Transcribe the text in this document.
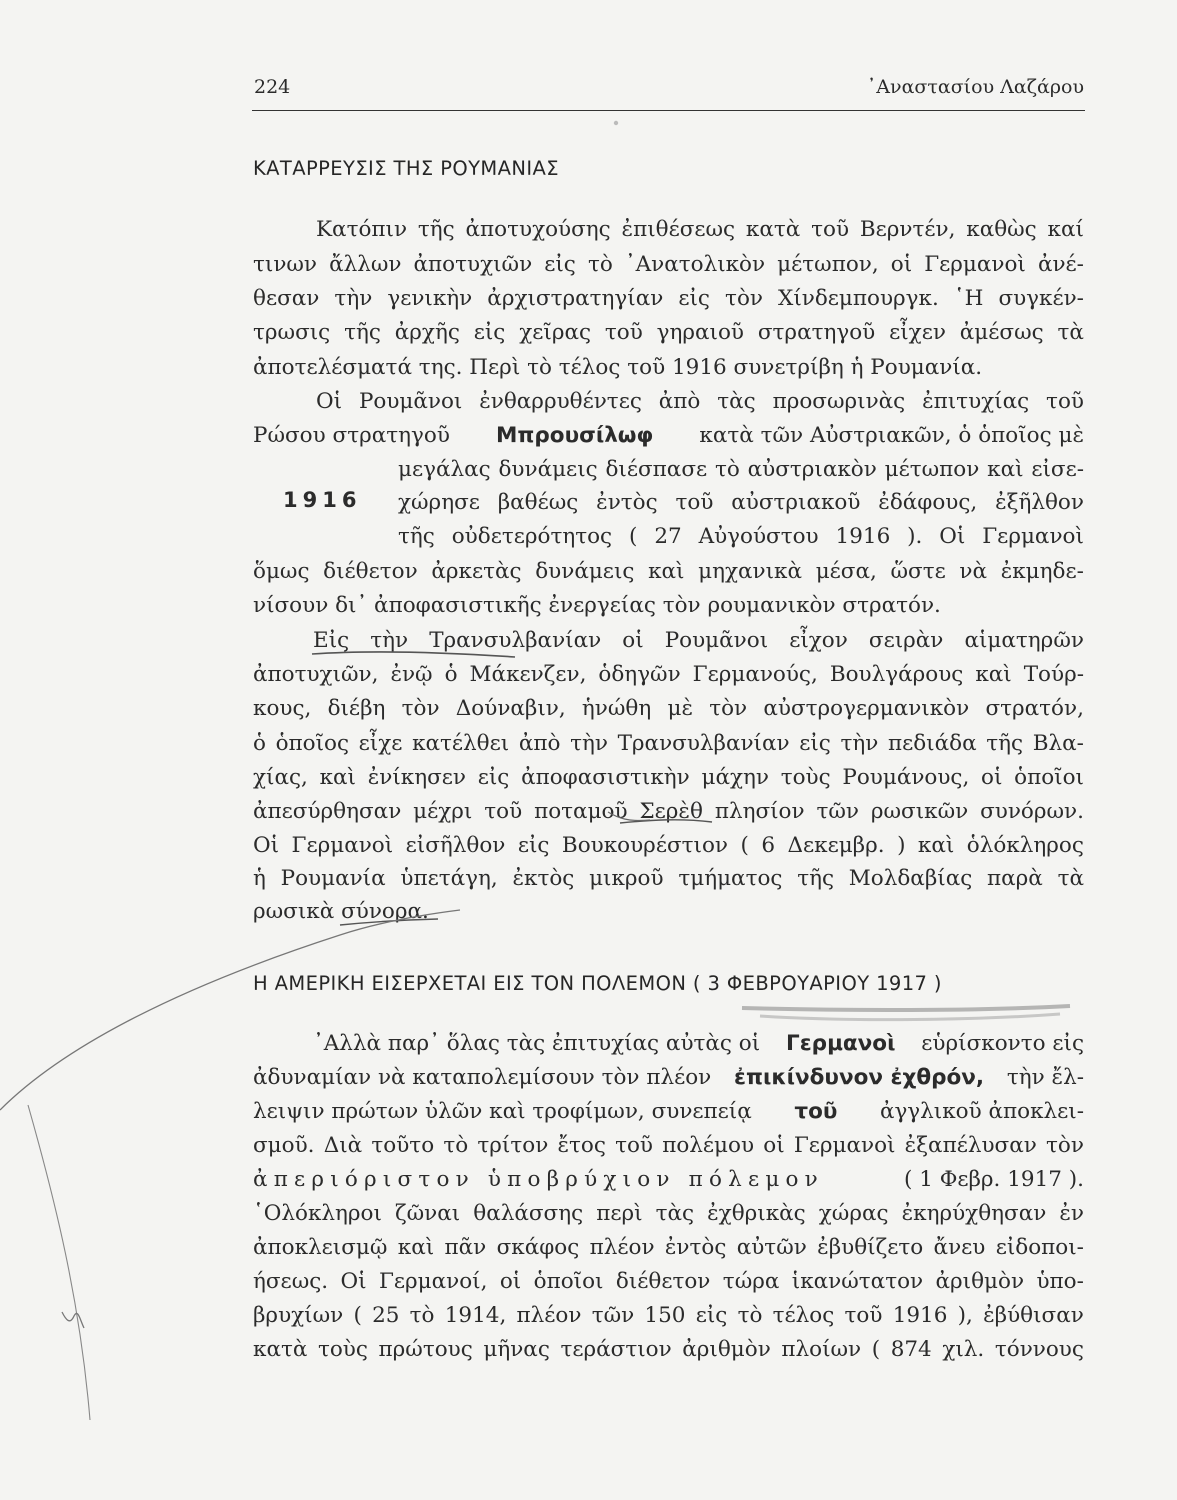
224	᾽Αναστασίου Λαζάρου
ΚΑΤΑΡΡΕΥΣΙΣ ΤΗΣ ΡΟΥΜΑΝΙΑΣ
Κατόπιν τῆς ἀποτυχούσης ἐπιθέσεως κατὰ τοῦ Βερντέν, καθὼς καί
τινων ἄλλων ἀποτυχιῶν εἰς τὸ ᾽Ανατολικὸν μέτωπον, οἱ Γερμανοὶ ἀνέ-
θεσαν τὴν γενικὴν ἀρχιστρατηγίαν εἰς τὸν Χίνδεμπουργκ. ῾Η συγκέν-
τρωσις τῆς ἀρχῆς εἰς χεῖρας τοῦ γηραιοῦ στρατηγοῦ εἶχεν ἀμέσως τὰ
ἀποτελέσματά της. Περὶ τὸ τέλος τοῦ 1916 συνετρίβη ἡ Ρουμανία.
Οἱ Ρουμᾶνοι ἐνθαρρυθέντες ἀπὸ τὰς προσωρινὰς ἐπιτυχίας τοῦ
Ρώσου στρατηγοῦ Μπρουσίλωφ κατὰ τῶν Αὐστριακῶν, ὁ ὁποῖος μὲ
1916
μεγάλας δυνάμεις διέσπασε τὸ αὐστριακὸν μέτωπον καὶ εἰσε-
χώρησε βαθέως ἐντὸς τοῦ αὐστριακοῦ ἐδάφους, ἐξῆλθον
τῆς οὐδετερότητος ( 27 Αὐγούστου 1916 ). Οἱ Γερμανοὶ
ὅμως διέθετον ἀρκετὰς δυνάμεις καὶ μηχανικὰ μέσα, ὥστε νὰ ἐκμηδε-
νίσουν δι᾽ ἀποφασιστικῆς ἐνεργείας τὸν ρουμανικὸν στρατόν.
Εἰς τὴν Τρανσυλβανίαν οἱ Ρουμᾶνοι εἶχον σειρὰν αἱματηρῶν
ἀποτυχιῶν, ἐνῷ ὁ Μάκενζεν, ὁδηγῶν Γερμανούς, Βουλγάρους καὶ Τούρ-
κους, διέβη τὸν Δούναβιν, ἡνώθη μὲ τὸν αὐστρογερμανικὸν στρατόν,
ὁ ὁποῖος εἶχε κατέλθει ἀπὸ τὴν Τρανσυλβανίαν εἰς τὴν πεδιάδα τῆς Βλα-
χίας, καὶ ἐνίκησεν εἰς ἀποφασιστικὴν μάχην τοὺς Ρουμάνους, οἱ ὁποῖοι
ἀπεσύρθησαν μέχρι τοῦ ποταμοῦ Σερὲθ πλησίον τῶν ρωσικῶν συνόρων.
Οἱ Γερμανοὶ εἰσῆλθον εἰς Βουκουρέστιον ( 6 Δεκεμβρ. ) καὶ ὁλόκληρος
ἡ Ρουμανία ὑπετάγη, ἐκτὸς μικροῦ τμήματος τῆς Μολδαβίας παρὰ τὰ
ρωσικὰ σύνορα.
Η ΑΜΕΡΙΚΗ ΕΙΣΕΡΧΕΤΑΙ ΕΙΣ ΤΟΝ ΠΟΛΕΜΟΝ ( 3 ΦΕΒΡΟΥΑΡΙΟΥ 1917 )
᾽Αλλὰ παρ᾽ ὅλας τὰς ἐπιτυχίας αὐτὰς οἱ Γερμανοὶ εὑρίσκοντο εἰς
ἀδυναμίαν νὰ καταπολεμίσουν τὸν πλέον ἐπικίνδυνον ἐχθρόν, τὴν ἔλ-
λειψιν πρώτων ὑλῶν καὶ τροφίμων, συνεπείᾳ τοῦ ἀγγλικοῦ ἀποκλει-
σμοῦ. Διὰ τοῦτο τὸ τρίτον ἔτος τοῦ πολέμου οἱ Γερμανοὶ ἐξαπέλυσαν τὸν
ἀπεριόριστον ὑποβρύχιον πόλεμον	( 1 Φεβρ. 1917 ).
῾Ολόκληροι ζῶναι θαλάσσης περὶ τὰς ἐχθρικὰς χώρας ἐκηρύχθησαν ἐν
ἀποκλεισμῷ καὶ πᾶν σκάφος πλέον ἐντὸς αὐτῶν ἐβυθίζετο ἄνευ εἰδοποι-
ήσεως. Οἱ Γερμανοί, οἱ ὁποῖοι διέθετον τώρα ἱκανώτατον ἀριθμὸν ὑπο-
βρυχίων ( 25 τὸ 1914, πλέον τῶν 150 εἰς τὸ τέλος τοῦ 1916 ), ἐβύθισαν
κατὰ τοὺς πρώτους μῆνας τεράστιον ἀριθμὸν πλοίων ( 874 χιλ. τόννους
